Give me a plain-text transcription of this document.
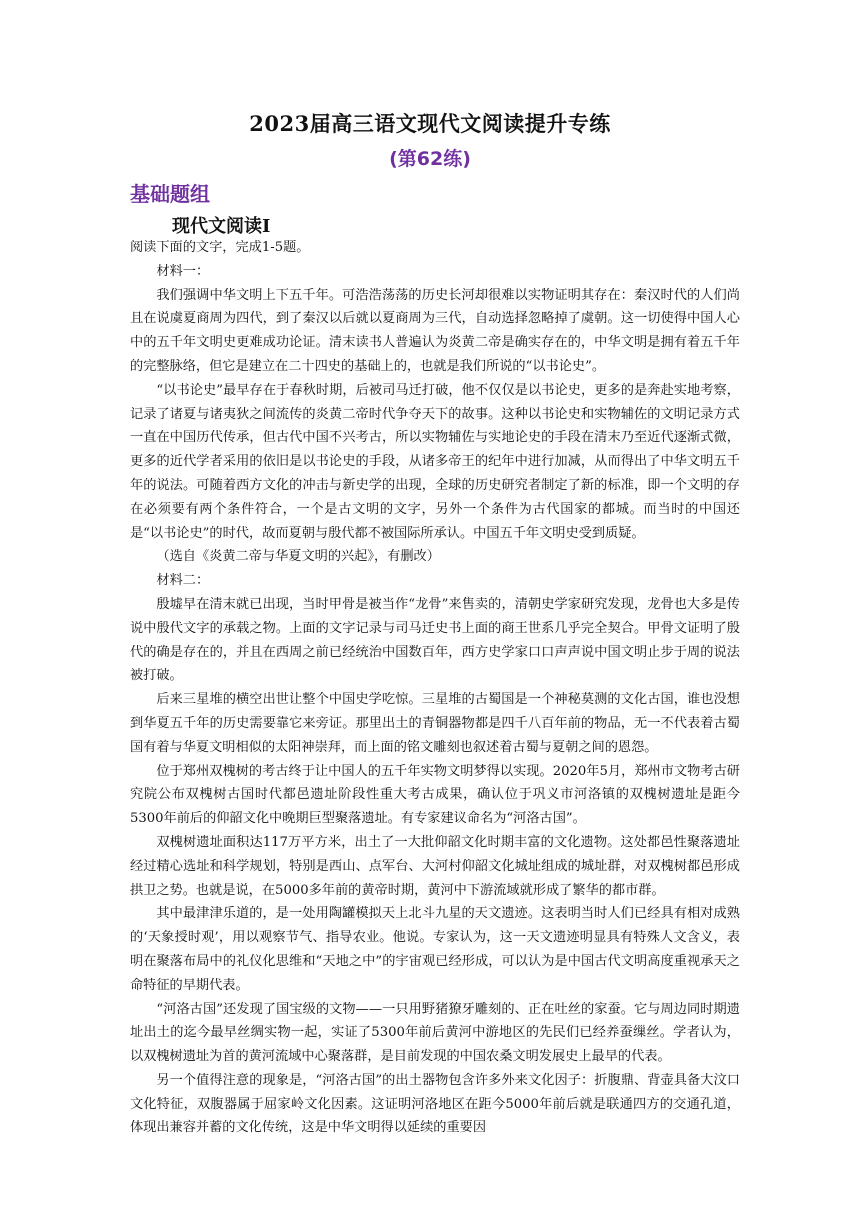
2023届高三语文现代文阅读提升专练
(第62练)
基础题组
现代文阅读Ⅰ

阅读下面的文字，完成1-5题。

材料一：

我们强调中华文明上下五千年。可浩浩荡荡的历史长河却很难以实物证明其存在：秦汉时代的人们尚且在说虞夏商周为四代，到了秦汉以后就以夏商周为三代，自动选择忽略掉了虞朝。这一切使得中国人心中的五千年文明史更难成功论证。清末读书人普遍认为炎黄二帝是确实存在的，中华文明是拥有着五千年的完整脉络，但它是建立在二十四史的基础上的，也就是我们所说的“以书论史”。

“以书论史”最早存在于春秋时期，后被司马迁打破，他不仅仅是以书论史，更多的是奔赴实地考察，记录了诸夏与诸夷狄之间流传的炎黄二帝时代争夺天下的故事。这种以书论史和实物辅佐的文明记录方式一直在中国历代传承，但古代中国不兴考古，所以实物辅佐与实地论史的手段在清末乃至近代逐渐式微，更多的近代学者采用的依旧是以书论史的手段，从诸多帝王的纪年中进行加减，从而得出了中华文明五千年的说法。可随着西方文化的冲击与新史学的出现，全球的历史研究者制定了新的标准，即一个文明的存在必须要有两个条件符合，一个是古文明的文字，另外一个条件为古代国家的都城。而当时的中国还是“以书论史”的时代，故而夏朝与殷代都不被国际所承认。中国五千年文明史受到质疑。

（选自《炎黄二帝与华夏文明的兴起》，有删改）

材料二：

殷墟早在清末就已出现，当时甲骨是被当作“龙骨”来售卖的，清朝史学家研究发现，龙骨也大多是传说中殷代文字的承载之物。上面的文字记录与司马迁史书上面的商王世系几乎完全契合。甲骨文证明了殷代的确是存在的，并且在西周之前已经统治中国数百年，西方史学家口口声声说中国文明止步于周的说法被打破。

后来三星堆的横空出世让整个中国史学吃惊。三星堆的古蜀国是一个神秘莫测的文化古国，谁也没想到华夏五千年的历史需要靠它来旁证。那里出土的青铜器物都是四千八百年前的物品，无一不代表着古蜀国有着与华夏文明相似的太阳神崇拜，而上面的铭文雕刻也叙述着古蜀与夏朝之间的恩怨。

位于郑州双槐树的考古终于让中国人的五千年实物文明梦得以实现。2020年5月，郑州市文物考古研究院公布双槐树古国时代都邑遗址阶段性重大考古成果，确认位于巩义市河洛镇的双槐树遗址是距今5300年前后的仰韶文化中晚期巨型聚落遗址。有专家建议命名为“河洛古国”。

双槐树遗址面积达117万平方米，出土了一大批仰韶文化时期丰富的文化遗物。这处都邑性聚落遗址经过精心选址和科学规划，特别是西山、点军台、大河村仰韶文化城址组成的城址群，对双槐树都邑形成拱卫之势。也就是说，在5000多年前的黄帝时期，黄河中下游流域就形成了繁华的都市群。

其中最津津乐道的，是一处用陶罐模拟天上北斗九星的天文遗迹。这表明当时人们已经具有相对成熟的‘天象授时观’，用以观察节气、指导农业。他说。专家认为，这一天文遗迹明显具有特殊人文含义，表明在聚落布局中的礼仪化思维和“天地之中”的宇宙观已经形成，可以认为是中国古代文明高度重视承天之命特征的早期代表。

“河洛古国”还发现了国宝级的文物——一只用野猪獠牙雕刻的、正在吐丝的家蚕。它与周边同时期遗址出土的迄今最早丝绸实物一起，实证了5300年前后黄河中游地区的先民们已经养蚕缫丝。学者认为，以双槐树遗址为首的黄河流域中心聚落群，是目前发现的中国农桑文明发展史上最早的代表。

另一个值得注意的现象是，“河洛古国”的出土器物包含许多外来文化因子：折腹鼎、背壶具备大汶口文化特征，双腹器属于屈家岭文化因素。这证明河洛地区在距今5000年前后就是联通四方的交通孔道，体现出兼容并蓄的文化传统，这是中华文明得以延续的重要因
